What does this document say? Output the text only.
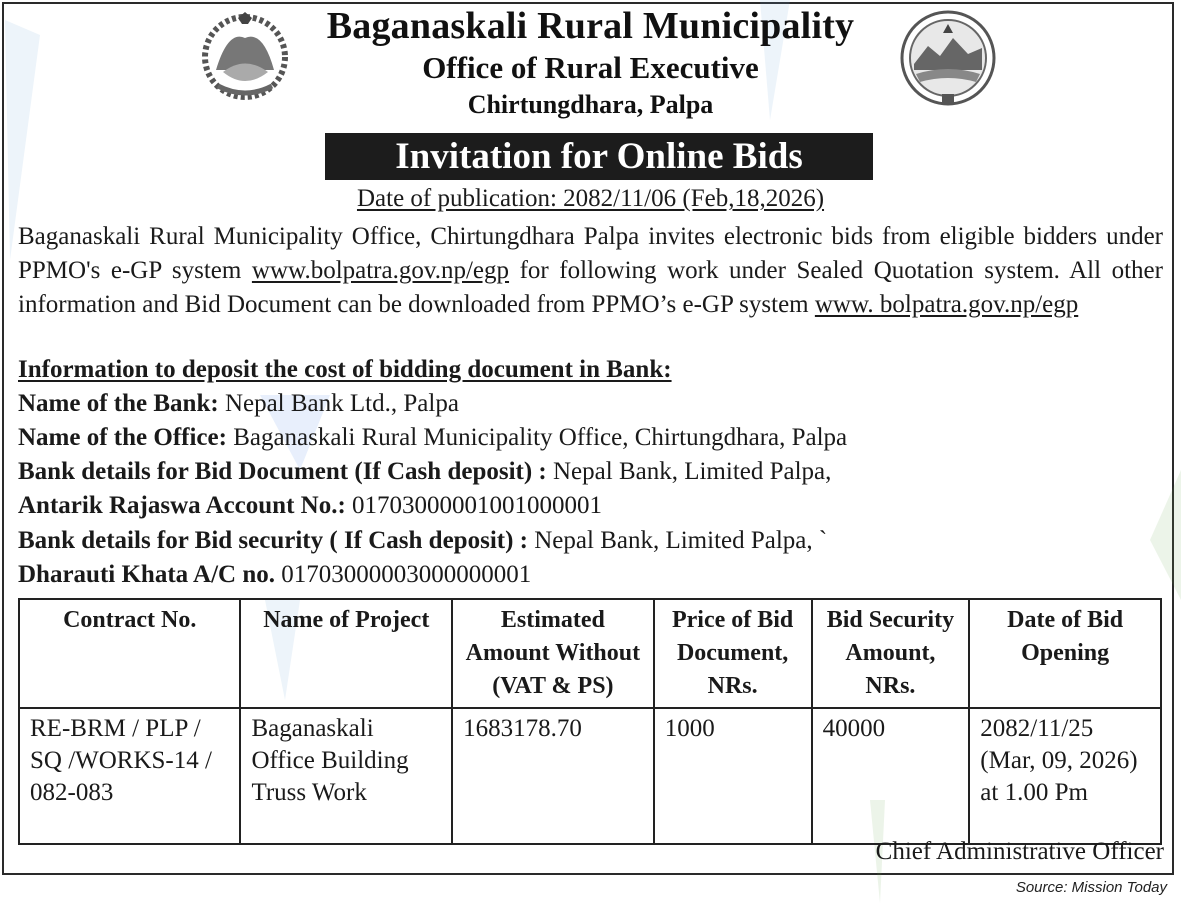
Baganaskali Rural Municipality
Office of Rural Executive
Chirtungdhara, Palpa
Invitation for Online Bids
Date of publication: 2082/11/06 (Feb,18,2026)
Baganaskali Rural Municipality Office, Chirtungdhara Palpa invites electronic bids from eligible bidders under PPMO's e-GP system www.bolpatra.gov.np/egp for following work under Sealed Quotation system. All other information and Bid Document can be downloaded from PPMO’s e-GP system www. bolpatra.gov.np/egp
Information to deposit the cost of bidding document in Bank:
Name of the Bank: Nepal Bank Ltd., Palpa
Name of the Office: Baganaskali Rural Municipality Office, Chirtungdhara, Palpa
Bank details for Bid Document (If Cash deposit) : Nepal Bank, Limited Palpa,
Antarik Rajaswa Account No.: 01703000001001000001
Bank details for Bid security ( If Cash deposit) : Nepal Bank, Limited Palpa, `
Dharauti Khata A/C no. 01703000003000000001
Contract No.	Name of Project	Estimated Amount Without (VAT & PS)	Price of Bid Document, NRs.	Bid Security Amount, NRs.	Date of Bid Opening
RE-BRM / PLP / SQ /WORKS-14 / 082-083	Baganaskali Office Building Truss Work	1683178.70	1000	40000	2082/11/25 (Mar, 09, 2026) at 1.00 Pm
Chief Administrative Officer
Source: Mission Today
